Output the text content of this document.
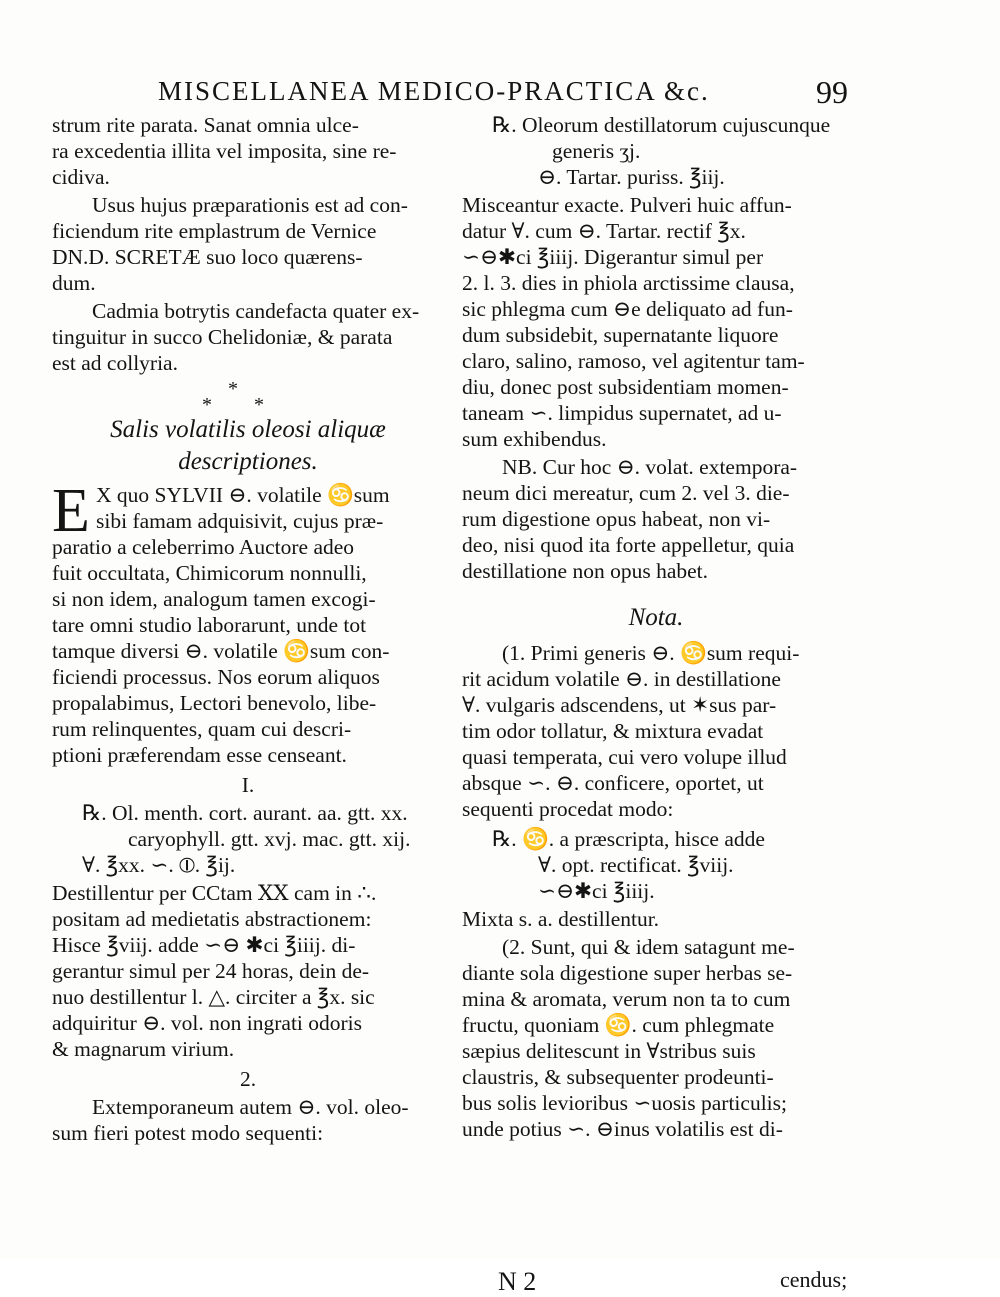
MISCELLANEA MEDICO-PRACTICA &c.	99
strum rite parata. Sanat omnia ulce-
ra excedentia illita vel imposita, sine re-
cidiva.
Usus hujus præparationis est ad con-
ficiendum rite emplastrum de Vernice
DN.D. SCRETÆ suo loco quærens-
dum.
Cadmia botrytis candefacta quater ex-
tinguitur in succo Chelidoniæ, & parata
est ad collyria.
*
* *
Salis volatilis oleosi aliquæ
descriptiones.
E X quo SYLVII ⊖. volatile ♋sum
sibi famam adquisivit, cujus præ-
paratio a celeberrimo Auctore adeo
fuit occultata, Chimicorum nonnulli,
si non idem, analogum tamen excogi-
tare omni studio laborarunt, unde tot
tamque diversi ⊖. volatile ♋sum con-
ficiendi processus. Nos eorum aliquos
propalabimus, Lectori benevolo, libe-
rum relinquentes, quam cui descri-
ptioni præferendam esse censeant.
I.
℞. Ol. menth. cort. aurant. aa. gtt. xx.
caryophyll. gtt. xvj. mac. gtt. xij.
∀. ℥xx. ∽. ⦶. ℥ij.
Destillentur per CCtam ⅩⅩ cam in ∴.
positam ad medietatis abstractionem:
Hisce ℥viij. adde ∽⊖ ✱ci ℥iiij. di-
gerantur simul per 24 horas, dein de-
nuo destillentur l. △. circiter a ℥x. sic
adquiritur ⊖. vol. non ingrati odoris
& magnarum virium.
2.
Extemporaneum autem ⊖. vol. oleo-
sum fieri potest modo sequenti:
℞. Oleorum destillatorum cujuscunque
generis ʒj.
⊖. Tartar. puriss. ℥iij.
Misceantur exacte. Pulveri huic affun-
datur ∀. cum ⊖. Tartar. rectif ℥x.
∽⊖✱ci ℥iiij. Digerantur simul per
2. l. 3. dies in phiola arctissime clausa,
sic phlegma cum ⊖e deliquato ad fun-
dum subsidebit, supernatante liquore
claro, salino, ramoso, vel agitentur tam-
diu, donec post subsidentiam momen-
taneam ∽. limpidus supernatet, ad u-
sum exhibendus.
NB. Cur hoc ⊖. volat. extempora-
neum dici mereatur, cum 2. vel 3. die-
rum digestione opus habeat, non vi-
deo, nisi quod ita forte appelletur, quia
destillatione non opus habet.
Nota.
(1. Primi generis ⊖. ♋sum requi-
rit acidum volatile ⊖. in destillatione
∀. vulgaris adscendens, ut ✶sus par-
tim odor tollatur, & mixtura evadat
quasi temperata, cui vero volupe illud
absque ∽. ⊖. conficere, oportet, ut
sequenti procedat modo:
℞. ♋. a præscripta, hisce adde
∀. opt. rectificat. ℥viij.
∽⊖✱ci ℥iiij.
Mixta s. a. destillentur.
(2. Sunt, qui & idem satagunt me-
diante sola digestione super herbas se-
mina & aromata, verum non ta to cum
fructu, quoniam ♋. cum phlegmate
sæpius delitescunt in ∀stribus suis
claustris, & subsequenter prodeunti-
bus solis levioribus ∽uosis particulis;
unde potius ∽. ⊖inus volatilis est di-
N 2	cendus;
